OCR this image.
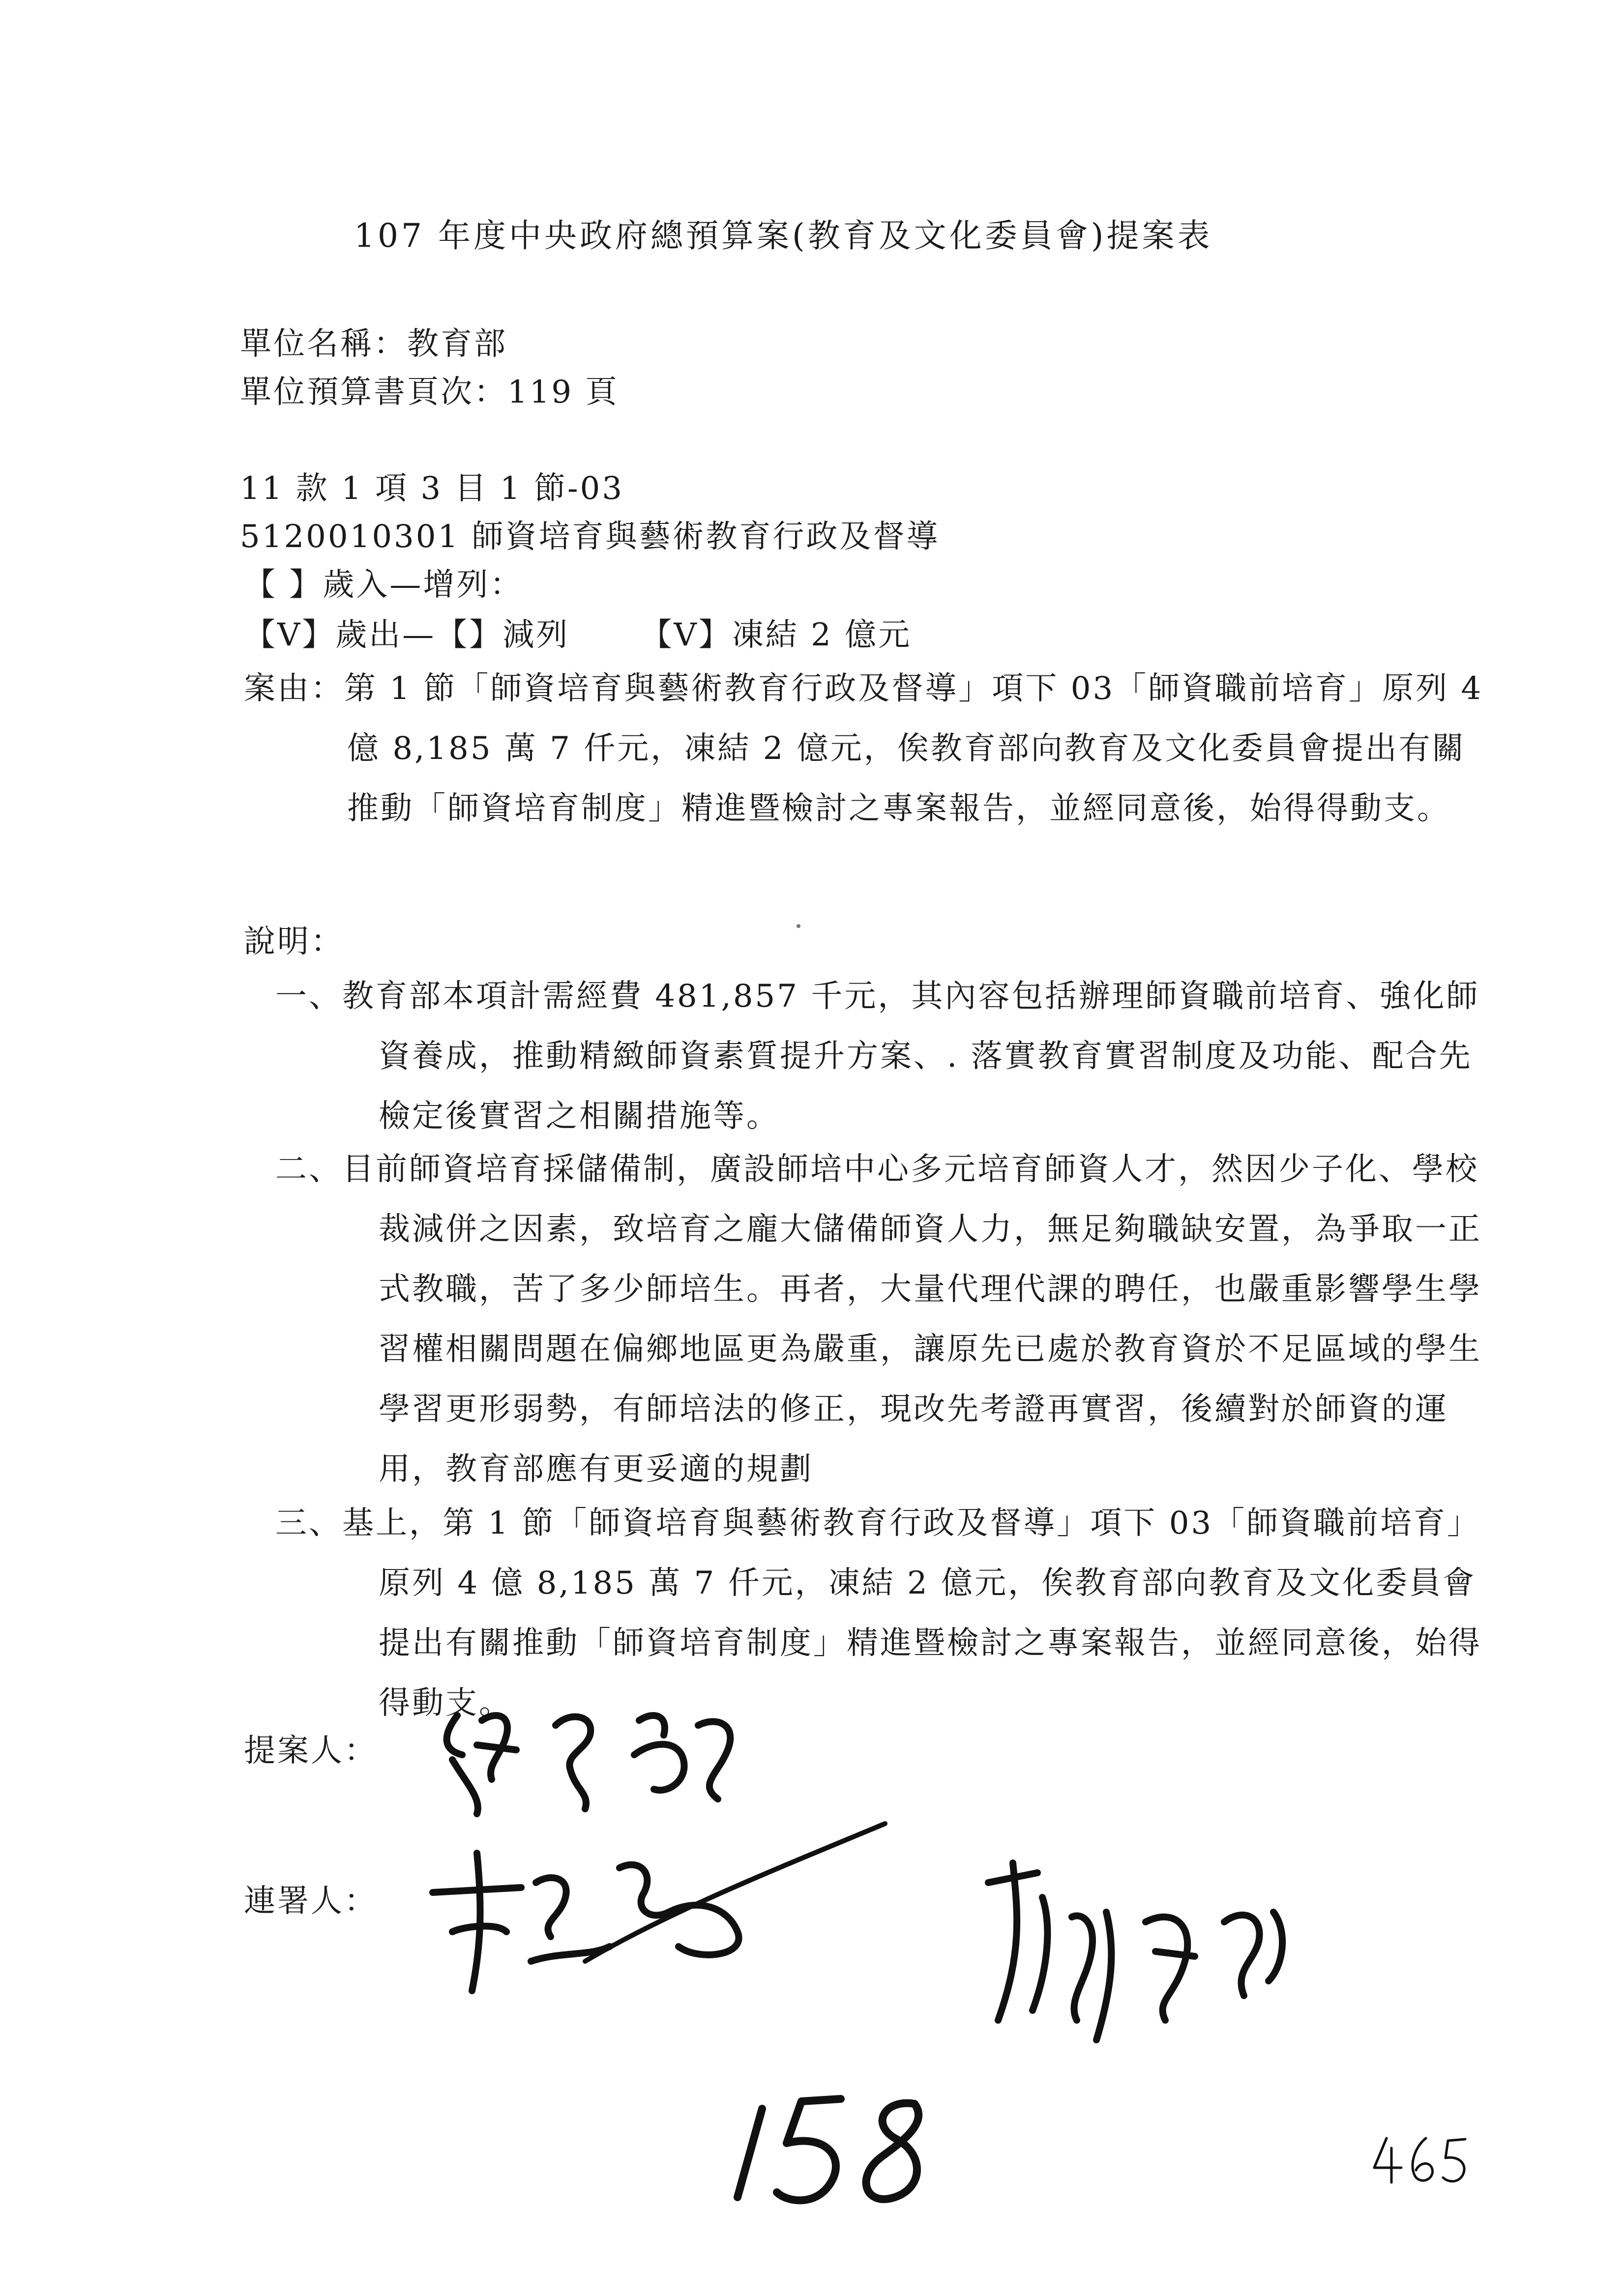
107 年度中央政府總預算案(教育及文化委員會)提案表
單位名稱：教育部
單位預算書頁次：119 頁
11 款 1 項 3 目 1 節-03
5120010301 師資培育與藝術教育行政及督導
【 】歲入—增列：
【V】歲出—【】減列 【V】凍結 2 億元
案由：第 1 節「師資培育與藝術教育行政及督導」項下 03「師資職前培育」原列 4 億 8,185 萬 7 仟元，凍結 2 億元，俟教育部向教育及文化委員會提出有關推動「師資培育制度」精進暨檢討之專案報告，並經同意後，始得得動支。
說明：
一、教育部本項計需經費 481,857 千元，其內容包括辦理師資職前培育、強化師資養成，推動精緻師資素質提升方案、. 落實教育實習制度及功能、配合先檢定後實習之相關措施等。
二、目前師資培育採儲備制，廣設師培中心多元培育師資人才，然因少子化、學校裁減併之因素，致培育之龐大儲備師資人力，無足夠職缺安置，為爭取一正式教職，苦了多少師培生。再者，大量代理代課的聘任，也嚴重影響學生學習權相關問題在偏鄉地區更為嚴重，讓原先已處於教育資於不足區域的學生學習更形弱勢，有師培法的修正，現改先考證再實習，後續對於師資的運用，教育部應有更妥適的規劃
三、基上，第 1 節「師資培育與藝術教育行政及督導」項下 03「師資職前培育」原列 4 億 8,185 萬 7 仟元，凍結 2 億元，俟教育部向教育及文化委員會提出有關推動「師資培育制度」精進暨檢討之專案報告，並經同意後，始得得動支。
提案人：
連署人：
